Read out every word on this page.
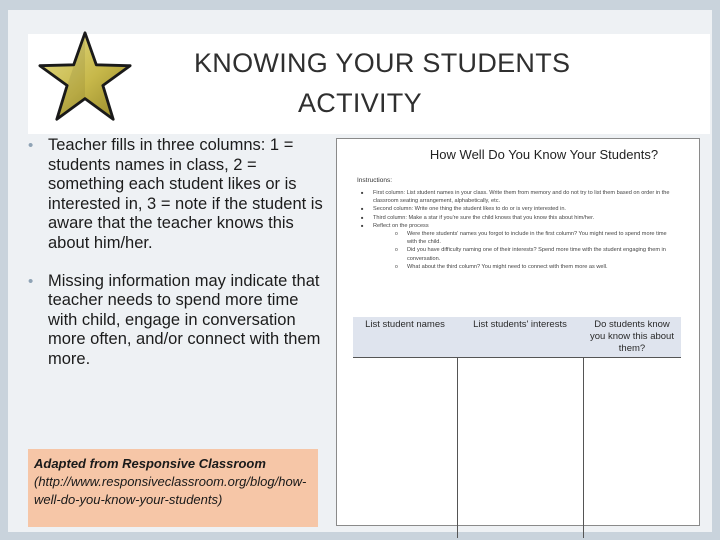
KNOWING YOUR STUDENTS
ACTIVITY
• Teacher fills in three columns: 1 = students names in class, 2 = something each student likes or is interested in, 3 = note if the student is aware that the teacher knows this about him/her.
• Missing information may indicate that teacher needs to spend more time with child, engage in conversation more often, and/or connect with them more.
Adapted from Responsive Classroom
(http://www.responsiveclassroom.org/blog/how-well-do-you-know-your-students)
How Well Do You Know Your Students?
Instructions:
■ First column: List student names in your class. Write them from memory and do not try to list them based on order in the classroom seating arrangement, alphabetically, etc.
■ Second column: Write one thing the student likes to do or is very interested in.
■ Third column: Make a star if you're sure the child knows that you know this about him/her.
■ Reflect on the process
o Were there students' names you forgot to include in the first column? You might need to spend more time with the child.
o Did you have difficulty naming one of their interests? Spend more time with the student engaging them in conversation.
o What about the third column? You might need to connect with them more as well.
List student names	List students' interests	Do students know you know this about them?
